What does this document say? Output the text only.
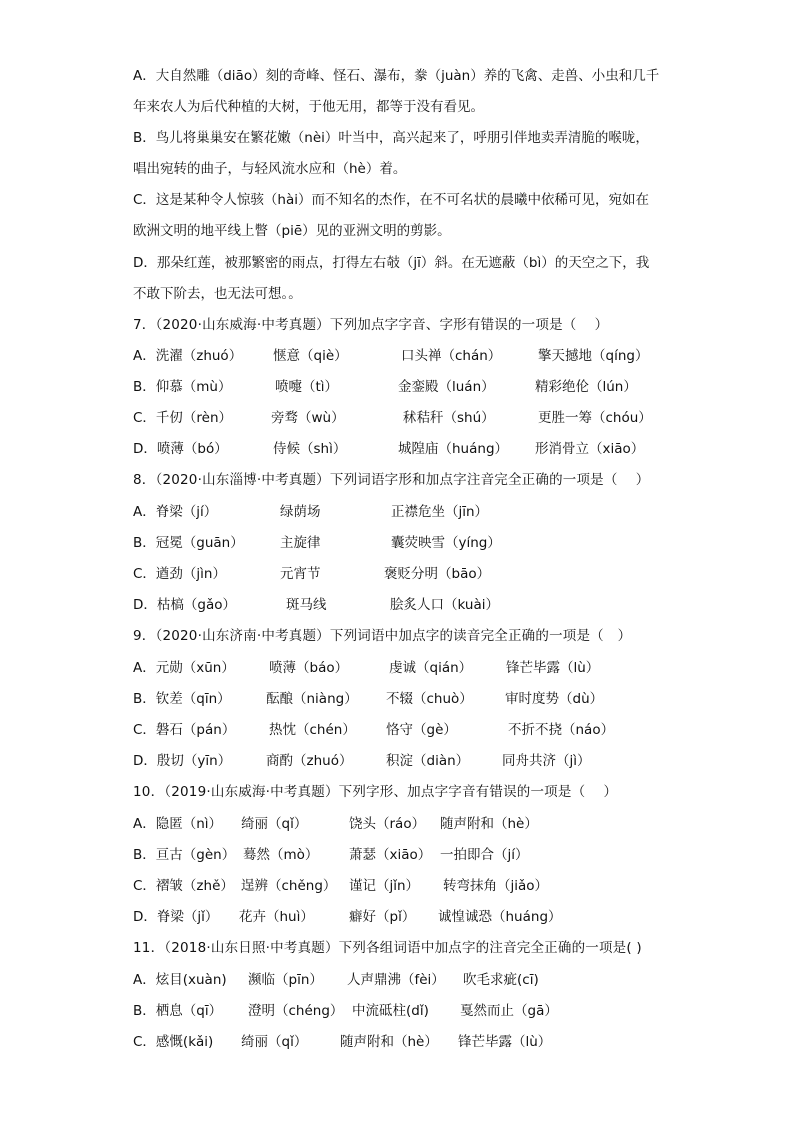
A．大自然雕（diāo）刻的奇峰、怪石、瀑布，豢（juàn）养的飞禽、走兽、小虫和几千
年来农人为后代种植的大树，于他无用，都等于没有看见。
B．鸟儿将巢巢安在繁花嫩（nèi）叶当中，高兴起来了，呼朋引伴地卖弄清脆的喉咙，
唱出宛转的曲子，与轻风流水应和（hè）着。
C．这是某种令人惊骇（hài）而不知名的杰作，在不可名状的晨曦中依稀可见，宛如在
欧洲文明的地平线上瞥（piē）见的亚洲文明的剪影。
D．那朵红莲，被那繁密的雨点，打得左右攲（jī）斜。在无遮蔽（bì）的天空之下，我
不敢下阶去，也无法可想。。
7．（2020·山东威海·中考真题）下列加点字字音、字形有错误的一项是（　 ）
A．洗濯（zhuó） 惬意（qiè）	口头禅（chán）	擎天撼地（qíng）
B．仰慕（mù）	喷嚏（tì）	金銮殿（luán）	精彩绝伦（lún）
C．千仞（rèn）	旁骛（wù）	秫秸秆（shú）	更胜一筹（chóu）
D．喷薄（bó）	侍候（shì）	城隍庙（huáng） 形消骨立（xiāo）
8．（2020·山东淄博·中考真题）下列词语字形和加点字注音完全正确的一项是（　 ）
A．脊梁（jí）	绿荫场	正襟危坐（jīn）
B．冠冕（guān）	主旋律	囊荧映雪（yíng）
C．遒劲（jìn）	元宵节	褒贬分明（bāo）
D．枯槁（gǎo）	斑马线	脍炙人口（kuài）
9．（2020·山东济南·中考真题）下列词语中加点字的读音完全正确的一项是（　）
A．元勋（xūn）	喷薄（báo）	虔诚（qián）	锋芒毕露（lù）
B．钦差（qīn）	酝酿（niàng） 不辍（chuò） 审时度势（dù）
C．磐石（pán） 热忱（chén） 恪守（gè）	不折不挠（náo）
D．殷切（yīn）	商酌（zhuó） 积淀（diàn） 同舟共济（jì）
10．（2019·山东威海·中考真题）下列字形、加点字字音有错误的一项是（　 ）
A．隐匿（nì） 绮丽（qǐ）	饶头（ráo） 随声附和（hè）
B．亘古（gèn） 蓦然（mò） 萧瑟（xiāo） 一拍即合（jí）
C．褶皱（zhě） 逞辨（chěng） 谨记（jǐn） 转弯抹角（jiǎo）
D．脊梁（jǐ） 花卉（huì）	癖好（pǐ） 诚惶诚恐（huáng）
11．（2018·山东日照·中考真题）下列各组词语中加点字的注音完全正确的一项是( )
A．炫目(xuàn) 濒临（pīn） 人声鼎沸（fèi） 吹毛求疵(cī)
B．栖息（qī） 澄明（chéng） 中流砥柱(dǐ) 戛然而止（gā）
C．感慨(kǎi) 绮丽（qǐ） 随声附和（hè） 锋芒毕露（lù）
